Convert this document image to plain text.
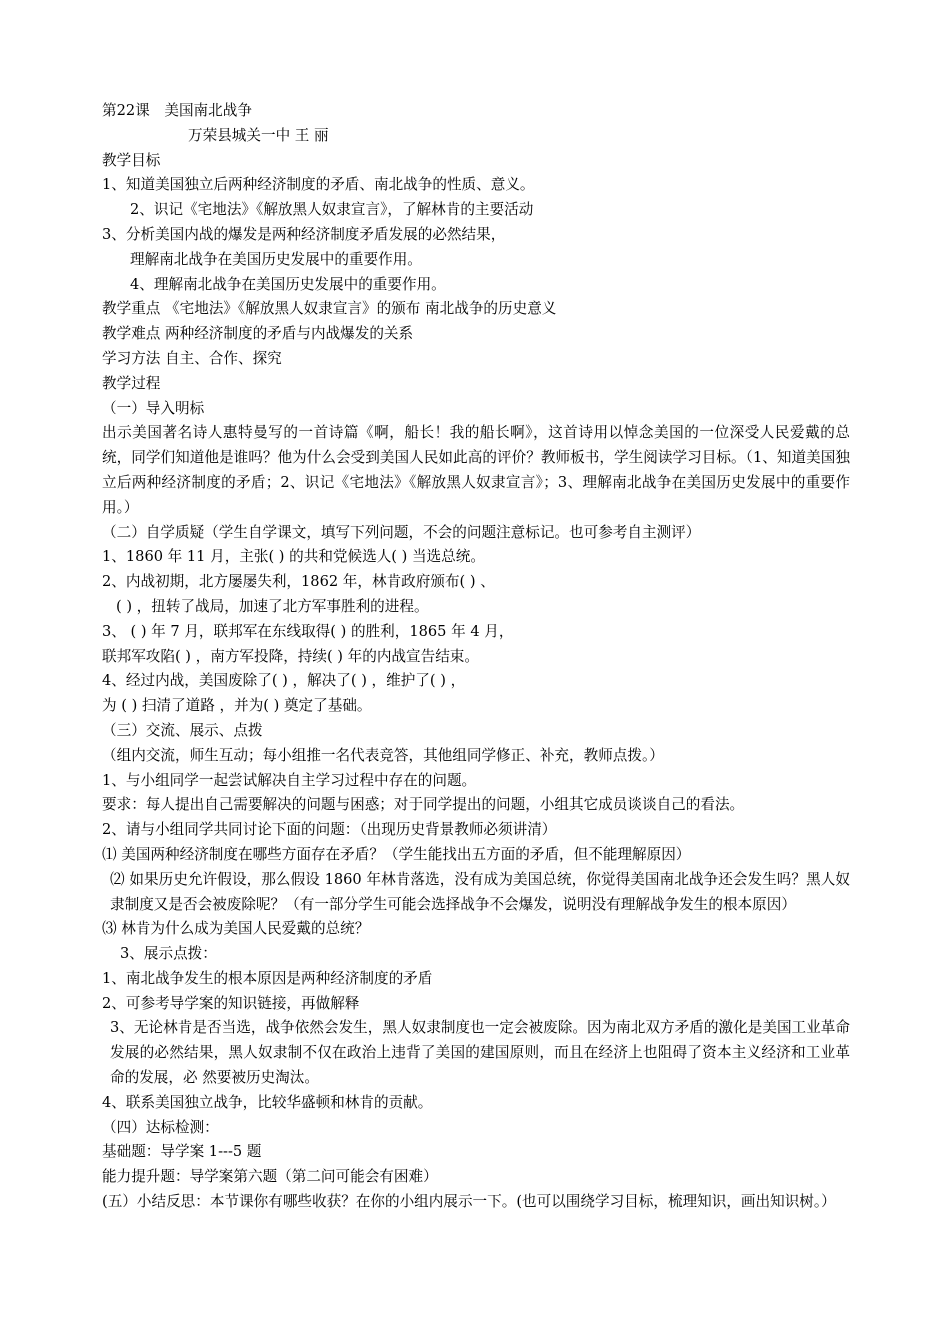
第22课　美国南北战争

万荣县城关一中 王 丽

教学目标

1、知道美国独立后两种经济制度的矛盾、南北战争的性质、意义。

2、识记《宅地法》《解放黑人奴隶宣言》，了解林肯的主要活动

3、分析美国内战的爆发是两种经济制度矛盾发展的必然结果，

理解南北战争在美国历史发展中的重要作用。

4、理解南北战争在美国历史发展中的重要作用。

教学重点 《宅地法》《解放黑人奴隶宣言》的颁布 南北战争的历史意义

教学难点 两种经济制度的矛盾与内战爆发的关系

学习方法 自主、合作、探究

教学过程

（一）导入明标

出示美国著名诗人惠特曼写的一首诗篇《啊，船长！我的船长啊》，这首诗用以悼念美国的一位深受人民爱戴的总统，同学们知道他是谁吗？他为什么会受到美国人民如此高的评价？教师板书，学生阅读学习目标。（1、知道美国独立后两种经济制度的矛盾；2、识记《宅地法》《解放黑人奴隶宣言》；3、理解南北战争在美国历史发展中的重要作用。）

（二）自学质疑（学生自学课文，填写下列问题，不会的问题注意标记。也可参考自主测评）

1、1860 年 11 月，主张( ) 的共和党候选人( ) 当选总统。

2、内战初期，北方屡屡失利，1862 年，林肯政府颁布( ) 、

( ) ，扭转了战局，加速了北方军事胜利的进程。

3、 ( ) 年 7 月，联邦军在东线取得( ) 的胜利，1865 年 4 月，

联邦军攻陷( ) ，南方军投降，持续( ) 年的内战宣告结束。

4、经过内战，美国废除了( ) ，解决了( ) ，维护了( ) ，

为 ( ) 扫清了道路 ，并为( ) 奠定了基础。

（三）交流、展示、点拨

（组内交流，师生互动；每小组推一名代表竞答，其他组同学修正、补充，教师点拨。）

1、与小组同学一起尝试解决自主学习过程中存在的问题。

要求：每人提出自己需要解决的问题与困惑；对于同学提出的问题，小组其它成员谈谈自己的看法。

2、请与小组同学共同讨论下面的问题：（出现历史背景教师必须讲清）

⑴ 美国两种经济制度在哪些方面存在矛盾？（学生能找出五方面的矛盾，但不能理解原因）

⑵ 如果历史允许假设，那么假设 1860 年林肯落选，没有成为美国总统，你觉得美国南北战争还会发生吗？黑人奴隶制度又是否会被废除呢？（有一部分学生可能会选择战争不会爆发，说明没有理解战争发生的根本原因）

⑶ 林肯为什么成为美国人民爱戴的总统？

3、展示点拨：

1、南北战争发生的根本原因是两种经济制度的矛盾

2、可参考导学案的知识链接，再做解释

3、无论林肯是否当选，战争依然会发生，黑人奴隶制度也一定会被废除。因为南北双方矛盾的激化是美国工业革命发展的必然结果，黑人奴隶制不仅在政治上违背了美国的建国原则，而且在经济上也阻碍了资本主义经济和工业革命的发展，必 然要被历史淘汰。

4、联系美国独立战争，比较华盛顿和林肯的贡献。

（四）达标检测：

基础题：导学案 1---5 题

能力提升题：导学案第六题（第二问可能会有困难）

(五）小结反思：本节课你有哪些收获？在你的小组内展示一下。(也可以围绕学习目标，梳理知识，画出知识树。）
